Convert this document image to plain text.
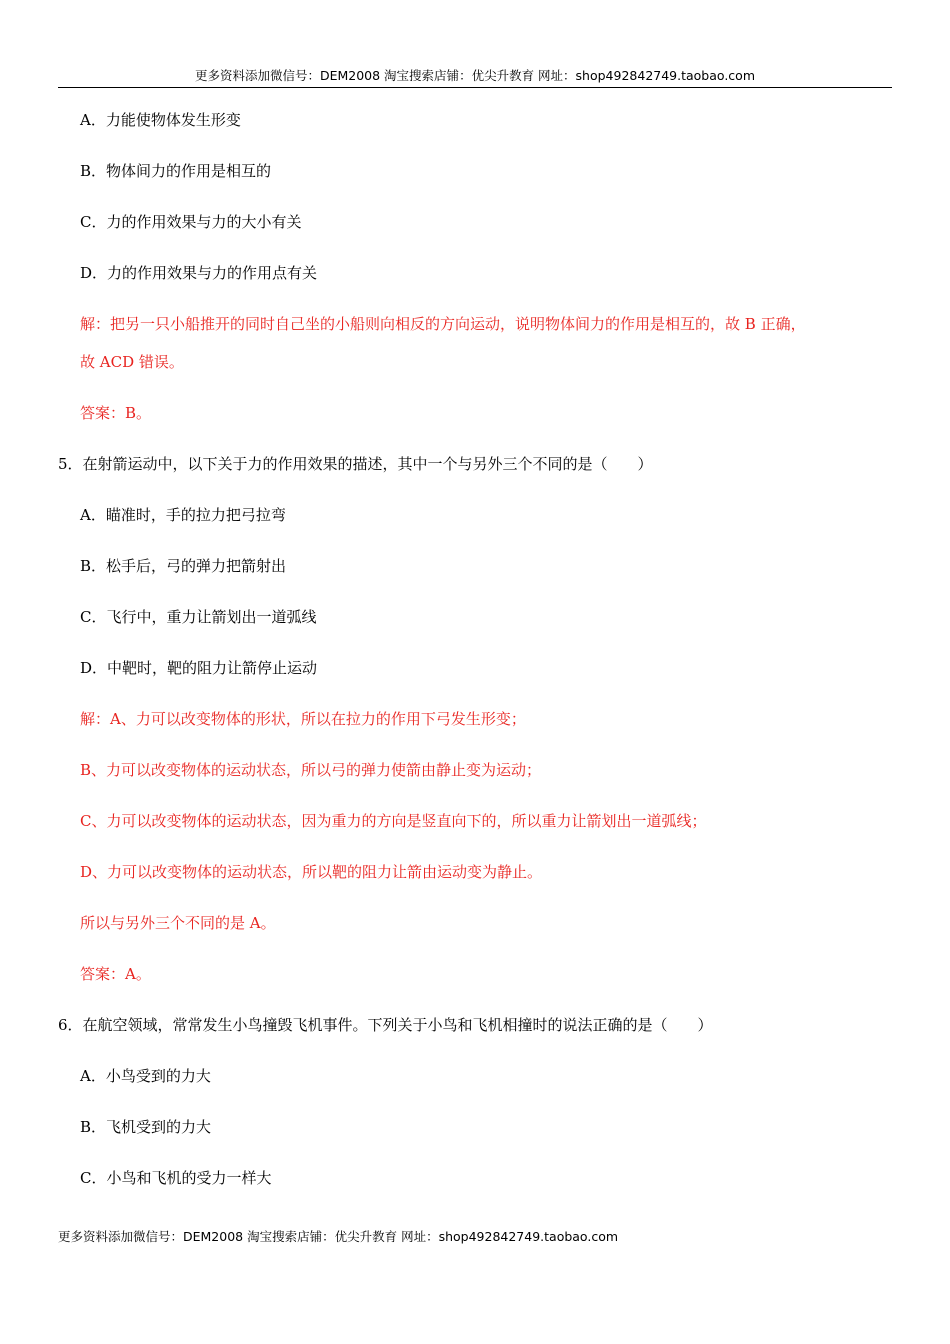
更多资料添加微信号：DEM2008 淘宝搜索店铺：优尖升教育 网址：shop492842749.taobao.com
A．力能使物体发生形变
B．物体间力的作用是相互的
C．力的作用效果与力的大小有关
D．力的作用效果与力的作用点有关
解：把另一只小船推开的同时自己坐的小船则向相反的方向运动，说明物体间力的作用是相互的，故 B 正确，
故 ACD 错误。
答案：B。
5．在射箭运动中，以下关于力的作用效果的描述，其中一个与另外三个不同的是（　　）
A．瞄准时，手的拉力把弓拉弯
B．松手后，弓的弹力把箭射出
C．飞行中，重力让箭划出一道弧线
D．中靶时，靶的阻力让箭停止运动
解：A、力可以改变物体的形状，所以在拉力的作用下弓发生形变；
B、力可以改变物体的运动状态，所以弓的弹力使箭由静止变为运动；
C、力可以改变物体的运动状态，因为重力的方向是竖直向下的，所以重力让箭划出一道弧线；
D、力可以改变物体的运动状态，所以靶的阻力让箭由运动变为静止。
所以与另外三个不同的是 A。
答案：A。
6．在航空领域，常常发生小鸟撞毁飞机事件。下列关于小鸟和飞机相撞时的说法正确的是（　　）
A．小鸟受到的力大
B．飞机受到的力大
C．小鸟和飞机的受力一样大
更多资料添加微信号：DEM2008 淘宝搜索店铺：优尖升教育 网址：shop492842749.taobao.com
